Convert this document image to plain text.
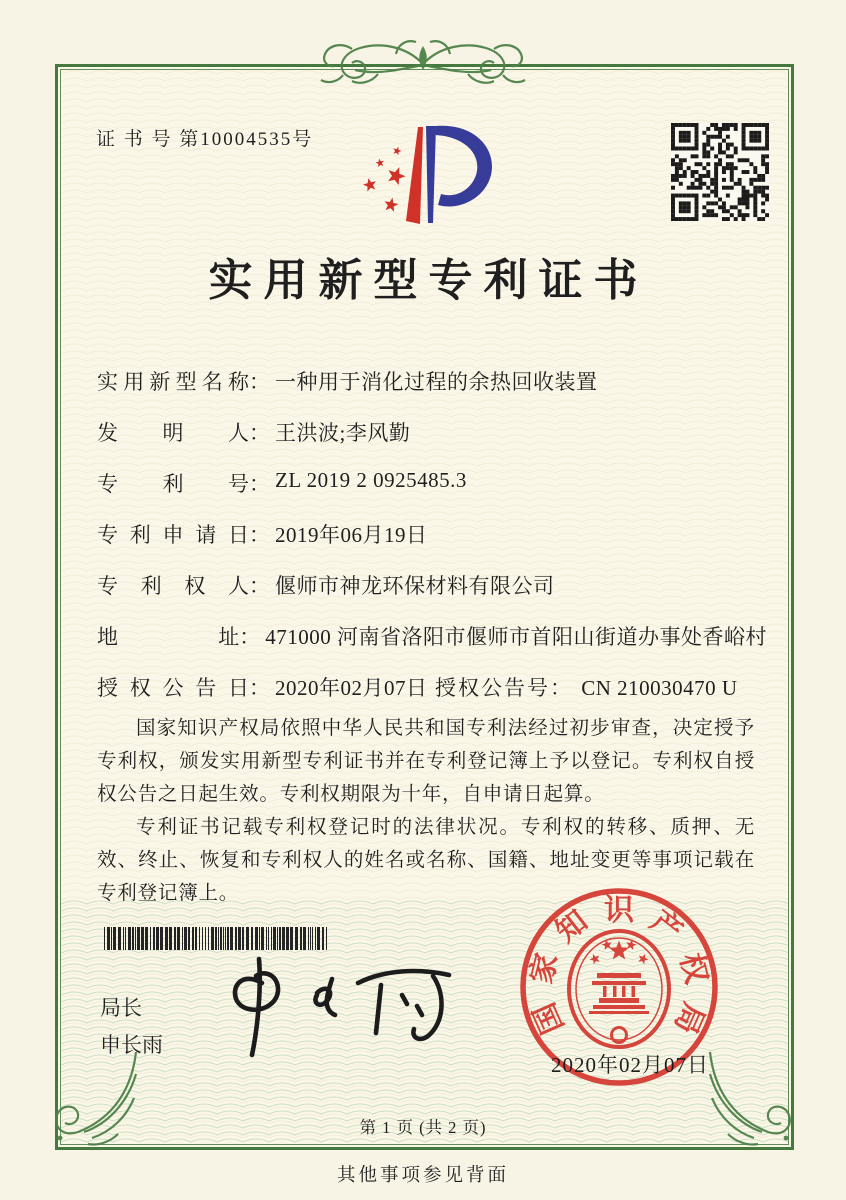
证 书 号 第10004535号
实用新型专利证书
实用新型名称 ： 一种用于消化过程的余热回收装置
发明人 ： 王洪波;李风勤
专利号 ： ZL 2019 2 0925485.3
专利申请日 ： 2019年06月19日
专利权人 ： 偃师市神龙环保材料有限公司
地址 ： 471000 河南省洛阳市偃师市首阳山街道办事处香峪村
授权公告日 ： 2020年02月07日 授权公告号： CN 210030470 U

国家知识产权局依照中华人民共和国专利法经过初步审查，决定授予专利权，颁发实用新型专利证书并在专利登记簿上予以登记。专利权自授权公告之日起生效。专利权期限为十年，自申请日起算。

专利证书记载专利权登记时的法律状况。专利权的转移、质押、无效、终止、恢复和专利权人的姓名或名称、国籍、地址变更等事项记载在专利登记簿上。

局长
申长雨
国
家
知 识 产
权
局
2020年02月07日
第 1 页 (共 2 页)
其他事项参见背面
